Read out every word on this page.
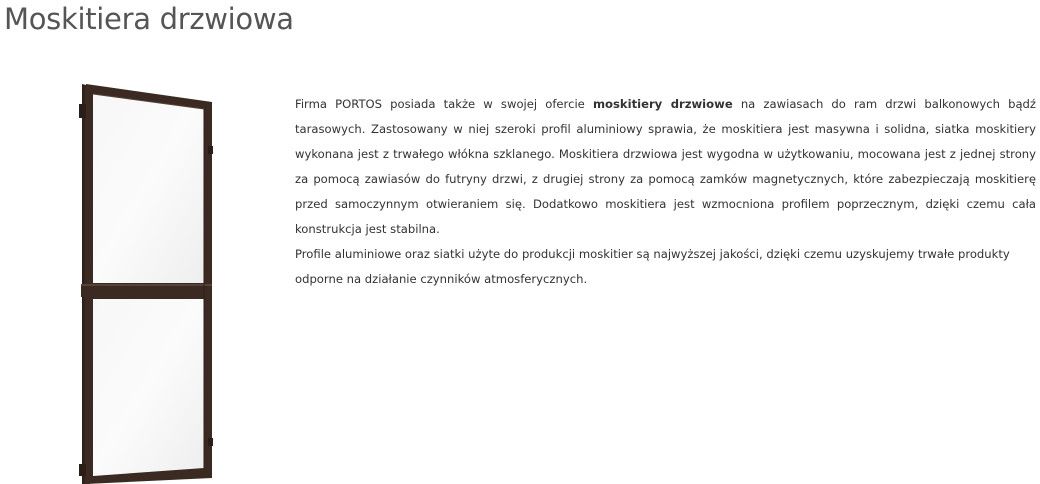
Moskitiera drzwiowa

Firma PORTOS posiada także w swojej ofercie moskitiery drzwiowe na zawiasach do ram drzwi balkonowych bądź tarasowych. Zastosowany w niej szeroki profil aluminiowy sprawia, że moskitiera jest masywna i solidna, siatka moskitiery wykonana jest z trwałego włókna szklanego. Moskitiera drzwiowa jest wygodna w użytkowaniu, mocowana jest z jednej strony za pomocą zawiasów do futryny drzwi, z drugiej strony za pomocą zamków magnetycznych, które zabezpieczają moskitierę przed samoczynnym otwieraniem się. Dodatkowo moskitiera jest wzmocniona profilem poprzecznym, dzięki czemu cała konstrukcja jest stabilna.

Profile aluminiowe oraz siatki użyte do produkcji moskitier są najwyższej jakości, dzięki czemu uzyskujemy trwałe produkty odporne na działanie czynników atmosferycznych.
